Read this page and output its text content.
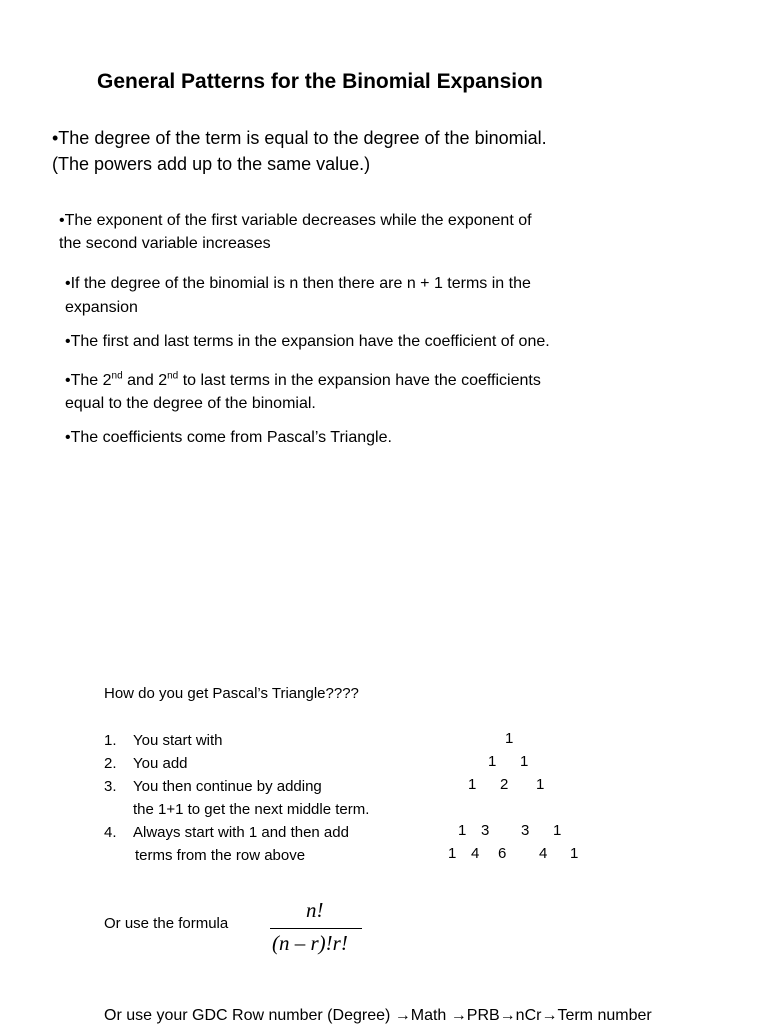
General Patterns for the Binomial Expansion
•The degree of the term is equal to the degree of the binomial.
(The powers add up to the same value.)
•The exponent of the first variable decreases while the exponent of
the second variable increases
•If the degree of the binomial is n then there are n + 1 terms in the
expansion
•The first and last terms in the expansion have the coefficient of one.
•The 2nd and 2nd to last terms in the expansion have the coefficients
equal to the degree of the binomial.
•The coefficients come from Pascal’s Triangle.
How do you get Pascal’s Triangle????
1. You start with
2. You add
3. You then continue by adding
the 1+1 to get the next middle term.
4. Always start with 1 and then add
terms from the row above
1
1 1
1 2 1
1 3 3 1
1 4 6 4 1
Or use the formula
n!
(n – r)!r!
Or use your GDC Row number (Degree) →Math →PRB→nCr→Term number
